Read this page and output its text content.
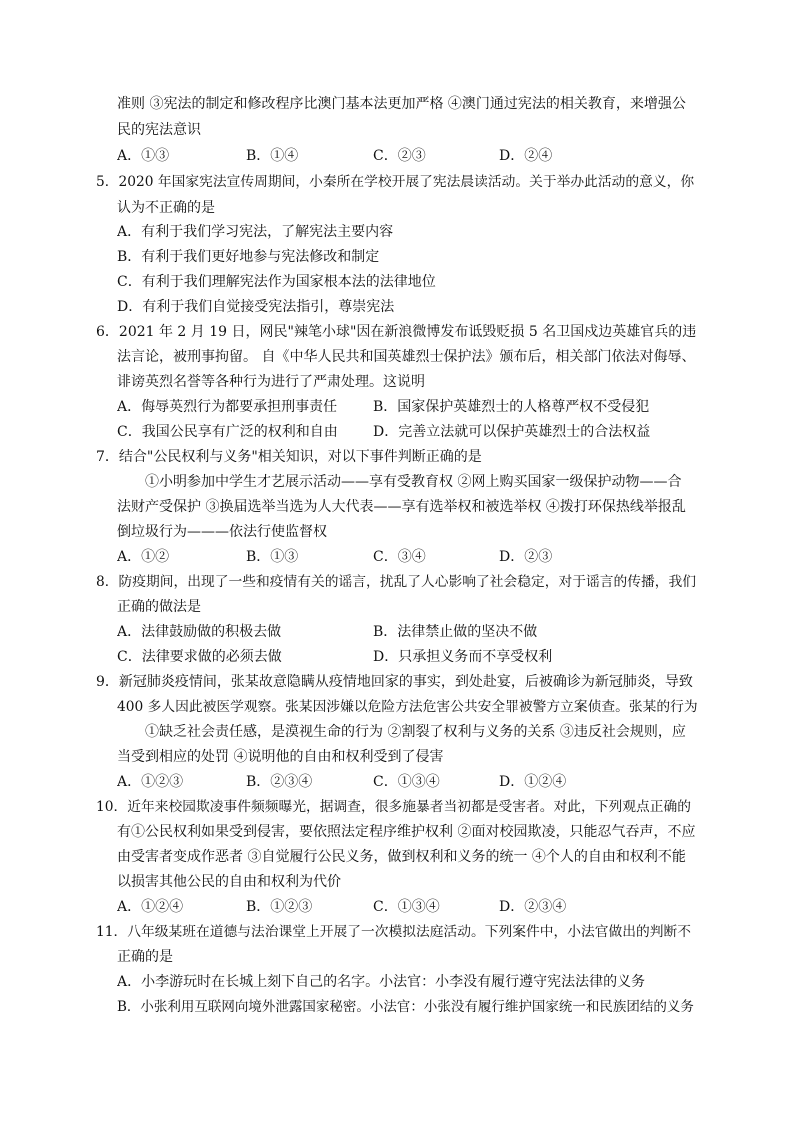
准则 ③宪法的制定和修改程序比澳门基本法更加严格 ④澳门通过宪法的相关教育，来增强公
民的宪法意识
A．①③	B．①④	C．②③	D．②④
5．2020 年国家宪法宣传周期间，小秦所在学校开展了宪法晨读活动。关于举办此活动的意义，你
认为不正确的是
A．有利于我们学习宪法，了解宪法主要内容
B．有利于我们更好地参与宪法修改和制定
C．有利于我们理解宪法作为国家根本法的法律地位
D．有利于我们自觉接受宪法指引，尊崇宪法
6．2021 年 2 月 19 日，网民"辣笔小球"因在新浪微博发布诋毁贬损 5 名卫国戍边英雄官兵的违
法言论，被刑事拘留。 自《中华人民共和国英雄烈士保护法》颁布后，相关部门依法对侮辱、
诽谤英烈名誉等各种行为进行了严肃处理。这说明
A．侮辱英烈行为都要承担刑事责任	B．国家保护英雄烈士的人格尊严权不受侵犯
C．我国公民享有广泛的权利和自由	D．完善立法就可以保护英雄烈士的合法权益
7．结合"公民权利与义务"相关知识，对以下事件判断正确的是
①小明参加中学生才艺展示活动——享有受教育权 ②网上购买国家一级保护动物——合
法财产受保护 ③换届选举当选为人大代表——享有选举权和被选举权 ④拨打环保热线举报乱
倒垃圾行为———依法行使监督权
A．①②	B．①③	C．③④	D．②③
8．防疫期间，出现了一些和疫情有关的谣言，扰乱了人心影响了社会稳定，对于谣言的传播，我们
正确的做法是
A．法律鼓励做的积极去做	B．法律禁止做的坚决不做
C．法律要求做的必须去做	D．只承担义务而不享受权利
9．新冠肺炎疫情间，张某故意隐瞒从疫情地回家的事实，到处赴宴，后被确诊为新冠肺炎，导致
400 多人因此被医学观察。张某因涉嫌以危险方法危害公共安全罪被警方立案侦查。张某的行为
①缺乏社会责任感，是漠视生命的行为 ②割裂了权利与义务的关系 ③违反社会规则，应
当受到相应的处罚 ④说明他的自由和权利受到了侵害
A．①②③	B．②③④	C．①③④	D．①②④
10．近年来校园欺凌事件频频曝光，据调查，很多施暴者当初都是受害者。对此，下列观点正确的
有①公民权利如果受到侵害，要依照法定程序维护权利 ②面对校园欺凌，只能忍气吞声，不应
由受害者变成作恶者 ③自觉履行公民义务，做到权利和义务的统一 ④个人的自由和权利不能
以损害其他公民的自由和权利为代价
A．①②④	B．①②③	C．①③④	D．②③④
11．八年级某班在道德与法治课堂上开展了一次模拟法庭活动。下列案件中，小法官做出的判断不
正确的是
A．小李游玩时在长城上刻下自己的名字。小法官：小李没有履行遵守宪法法律的义务
B．小张利用互联网向境外泄露国家秘密。小法官：小张没有履行维护国家统一和民族团结的义务
